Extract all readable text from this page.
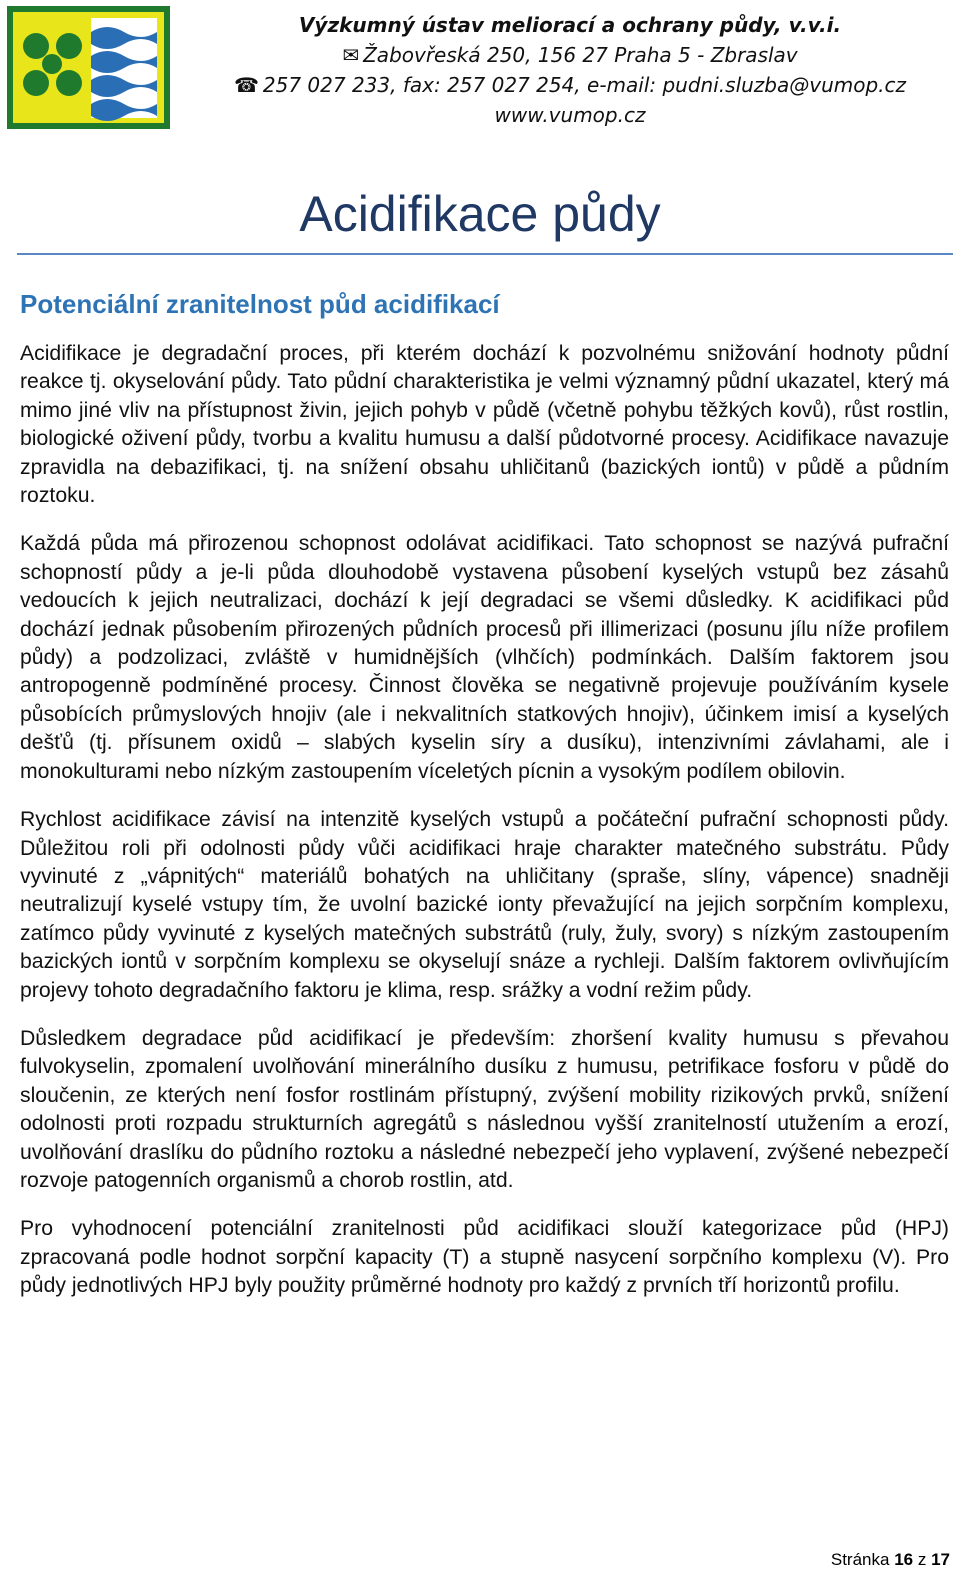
Výzkumný ústav meliorací a ochrany půdy, v.v.i.
✉ Žabovřeská 250, 156 27 Praha 5 - Zbraslav
☎ 257 027 233, fax: 257 027 254, e-mail: pudni.sluzba@vumop.cz
www.vumop.cz
Acidifikace půdy
Potenciální zranitelnost půd acidifikací

Acidifikace je degradační proces, při kterém dochází k pozvolnému snižování hodnoty půdní reakce tj. okyselování půdy. Tato půdní charakteristika je velmi významný půdní ukazatel, který má mimo jiné vliv na přístupnost živin, jejich pohyb v půdě (včetně pohybu těžkých kovů), růst rostlin, biologické oživení půdy, tvorbu a kvalitu humusu a další půdotvorné procesy. Acidifikace navazuje zpravidla na debazifikaci, tj. na snížení obsahu uhličitanů (bazických iontů) v půdě a půdním roztoku.

Každá půda má přirozenou schopnost odolávat acidifikaci. Tato schopnost se nazývá pufrační schopností půdy a je-li půda dlouhodobě vystavena působení kyselých vstupů bez zásahů vedoucích k jejich neutralizaci, dochází k její degradaci se všemi důsledky. K acidifikaci půd dochází jednak působením přirozených půdních procesů při illimerizaci (posunu jílu níže profilem půdy) a podzolizaci, zvláště v humidnějších (vlhčích) podmínkách. Dalším faktorem jsou antropogenně podmíněné procesy. Činnost člověka se negativně projevuje používáním kysele působících průmyslových hnojiv (ale i nekvalitních statkových hnojiv), účinkem imisí a kyselých dešťů (tj. přísunem oxidů – slabých kyselin síry a dusíku), intenzivními závlahami, ale i monokulturami nebo nízkým zastoupením víceletých pícnin a vysokým podílem obilovin.

Rychlost acidifikace závisí na intenzitě kyselých vstupů a počáteční pufrační schopnosti půdy. Důležitou roli při odolnosti půdy vůči acidifikaci hraje charakter matečného substrátu. Půdy vyvinuté z „vápnitých“ materiálů bohatých na uhličitany (spraše, slíny, vápence) snadněji neutralizují kyselé vstupy tím, že uvolní bazické ionty převažující na jejich sorpčním komplexu, zatímco půdy vyvinuté z kyselých matečných substrátů (ruly, žuly, svory) s nízkým zastoupením bazických iontů v sorpčním komplexu se okyselují snáze a rychleji. Dalším faktorem ovlivňujícím projevy tohoto degradačního faktoru je klima, resp. srážky a vodní režim půdy.

Důsledkem degradace půd acidifikací je především: zhoršení kvality humusu s převahou fulvokyselin, zpomalení uvolňování minerálního dusíku z humusu, petrifikace fosforu v půdě do sloučenin, ze kterých není fosfor rostlinám přístupný, zvýšení mobility rizikových prvků, snížení odolnosti proti rozpadu strukturních agregátů s následnou vyšší zranitelností utužením a erozí, uvolňování draslíku do půdního roztoku a následné nebezpečí jeho vyplavení, zvýšené nebezpečí rozvoje patogenních organismů a chorob rostlin, atd.

Pro vyhodnocení potenciální zranitelnosti půd acidifikaci slouží kategorizace půd (HPJ) zpracovaná podle hodnot sorpční kapacity (T) a stupně nasycení sorpčního komplexu (V). Pro půdy jednotlivých HPJ byly použity průměrné hodnoty pro každý z prvních tří horizontů profilu.

Stránka 16 z 17
